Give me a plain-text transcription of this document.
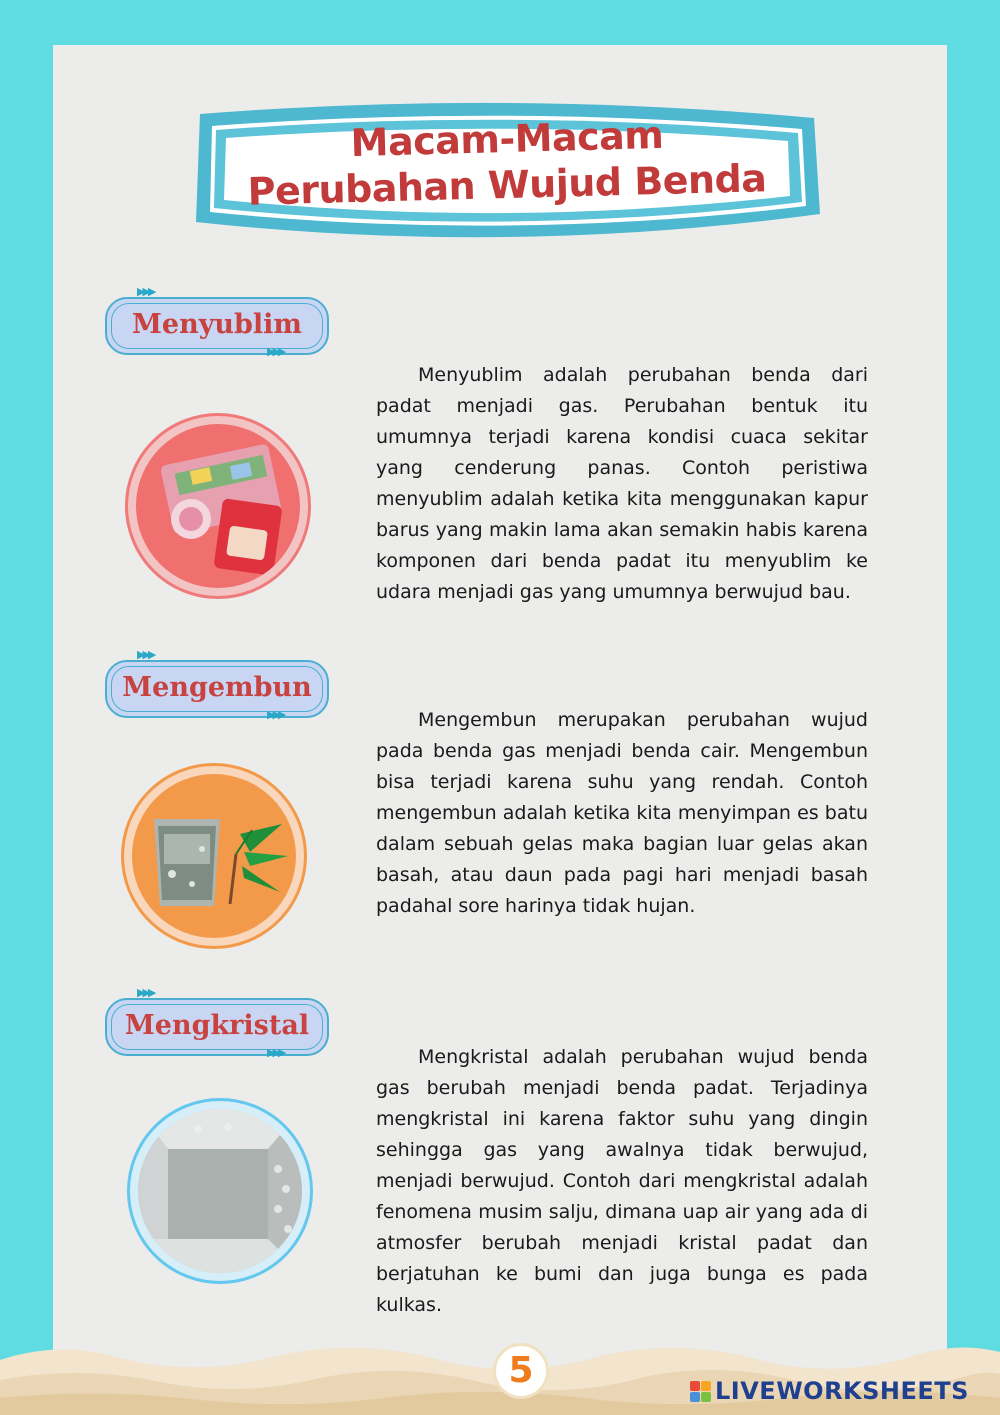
Macam-Macam
Perubahan Wujud Benda
▶▶▶
Menyublim
▶▶▶

Menyublim adalah perubahan benda dari padat menjadi gas. Perubahan bentuk itu umumnya terjadi karena kondisi cuaca sekitar yang cenderung panas. Contoh peristiwa menyublim adalah ketika kita menggunakan kapur barus yang makin lama akan semakin habis karena komponen dari benda padat itu menyublim ke udara menjadi gas yang umumnya berwujud bau.

▶▶▶
Mengembun
▶▶▶	Mengembun merupakan perubahan wujud pada benda gas menjadi benda cair. Mengembun bisa terjadi karena suhu yang rendah. Contoh mengembun adalah ketika kita menyimpan es batu dalam sebuah gelas maka bagian luar gelas akan basah, atau daun pada pagi hari menjadi basah padahal sore harinya tidak hujan.

▶▶▶
Mengkristal
▶▶▶	Mengkristal adalah perubahan wujud benda gas berubah menjadi benda padat. Terjadinya mengkristal ini karena faktor suhu yang dingin sehingga gas yang awalnya tidak berwujud, menjadi berwujud. Contoh dari mengkristal adalah fenomena musim salju, dimana uap air yang ada di atmosfer berubah menjadi kristal padat dan berjatuhan ke bumi dan juga bunga es pada kulkas.

5	LIVEWORKSHEETS
